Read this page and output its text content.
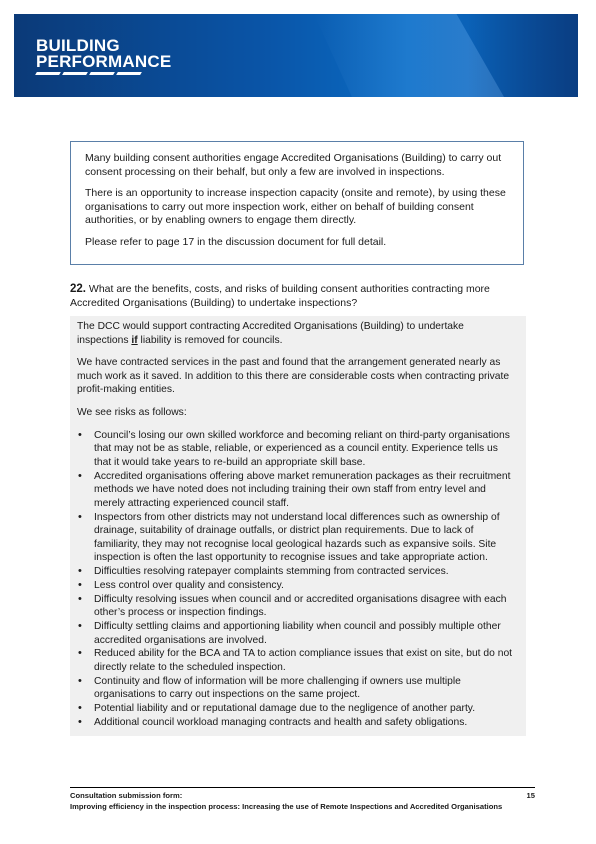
BUILDING
PERFORMANCE

Many building consent authorities engage Accredited Organisations (Building) to carry out consent processing on their behalf, but only a few are involved in inspections.

There is an opportunity to increase inspection capacity (onsite and remote), by using these organisations to carry out more inspection work, either on behalf of building consent authorities, or by enabling owners to engage them directly.

Please refer to page 17 in the discussion document for full detail.

22. What are the benefits, costs, and risks of building consent authorities contracting more Accredited Organisations (Building) to undertake inspections?

The DCC would support contracting Accredited Organisations (Building) to undertake inspections if liability is removed for councils.

We have contracted services in the past and found that the arrangement generated nearly as much work as it saved. In addition to this there are considerable costs when contracting private profit-making entities.

We see risks as follows:

• Council’s losing our own skilled workforce and becoming reliant on third-party organisations that may not be as stable, reliable, or experienced as a council entity. Experience tells us that it would take years to re-build an appropriate skill base.
• Accredited organisations offering above market remuneration packages as their recruitment methods we have noted does not including training their own staff from entry level and merely attracting experienced council staff.
• Inspectors from other districts may not understand local differences such as ownership of drainage, suitability of drainage outfalls, or district plan requirements. Due to lack of familiarity, they may not recognise local geological hazards such as expansive soils. Site inspection is often the last opportunity to recognise issues and take appropriate action.
• Difficulties resolving ratepayer complaints stemming from contracted services.
• Less control over quality and consistency.
• Difficulty resolving issues when council and or accredited organisations disagree with each other’s process or inspection findings.
• Difficulty settling claims and apportioning liability when council and possibly multiple other accredited organisations are involved.
• Reduced ability for the BCA and TA to action compliance issues that exist on site, but do not directly relate to the scheduled inspection.
• Continuity and flow of information will be more challenging if owners use multiple organisations to carry out inspections on the same project.
• Potential liability and or reputational damage due to the negligence of another party.
• Additional council workload managing contracts and health and safety obligations.
Consultation submission form:	15
Improving efficiency in the inspection process: Increasing the use of Remote Inspections and Accredited Organisations
